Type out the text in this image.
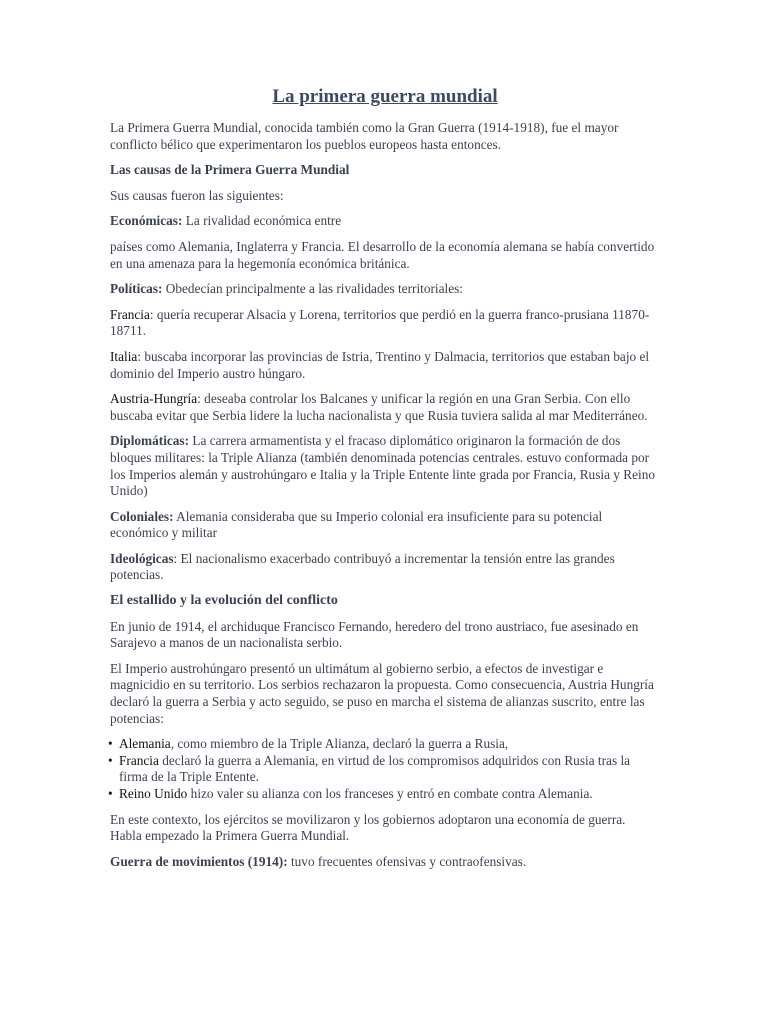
La primera guerra mundial

La Primera Guerra Mundial, conocida también como la Gran Guerra (1914-1918), fue el mayor conflicto bélico que experimentaron los pueblos europeos hasta entonces.

Las causas de la Primera Guerra Mundial

Sus causas fueron las siguientes:

Económicas: La rivalidad económica entre

países como Alemania, Inglaterra y Francia. El desarrollo de la economía alemana se había convertido en una amenaza para la hegemonía económica británica.

Políticas: Obedecían principalmente a las rivalidades territoriales:

Francia: quería recuperar Alsacia y Lorena, territorios que perdió en la guerra franco-prusiana 11870-18711.

Italia: buscaba incorporar las provincias de Istria, Trentino y Dalmacia, territorios que estaban bajo el dominio del Imperio austro húngaro.

Austria-Hungría: deseaba controlar los Balcanes y unificar la región en una Gran Serbia. Con ello buscaba evitar que Serbia lidere la lucha nacionalista y que Rusia tuviera salida al mar Mediterráneo.

Diplomáticas: La carrera armamentista y el fracaso diplomático originaron la formación de dos bloques militares: la Triple Alianza (también denominada potencias centrales. estuvo conformada por los Imperios alemán y austrohúngaro e Italia y la Triple Entente linte grada por Francia, Rusia y Reino Unido)

Coloniales: Alemania consideraba que su Imperio colonial era insuficiente para su potencial económico y militar

Ideológicas: El nacionalismo exacerbado contribuyó a incrementar la tensión entre las grandes potencias.

El estallido y la evolución del conflicto

En junio de 1914, el archiduque Francisco Fernando, heredero del trono austriaco, fue asesinado en Sarajevo a manos de un nacionalista serbio.

El Imperio austrohúngaro presentó un ultimátum al gobierno serbio, a efectos de investigar e magnicidio en su territorio. Los serbios rechazaron la propuesta. Como consecuencia, Austria Hungría declaró la guerra a Serbia y acto seguido, se puso en marcha el sistema de alianzas suscrito, entre las potencias:

• Alemania, como miembro de la Triple Alianza, declaró la guerra a Rusia,
• Francia declaró la guerra a Alemania, en virtud de los compromisos adquiridos con Rusia tras la firma de la Triple Entente.
• Reino Unido hizo valer su alianza con los franceses y entró en combate contra Alemania.

En este contexto, los ejércitos se movilizaron y los gobiernos adoptaron una economía de guerra. Habla empezado la Primera Guerra Mundial.

Guerra de movimientos (1914): tuvo frecuentes ofensivas y contraofensivas.
